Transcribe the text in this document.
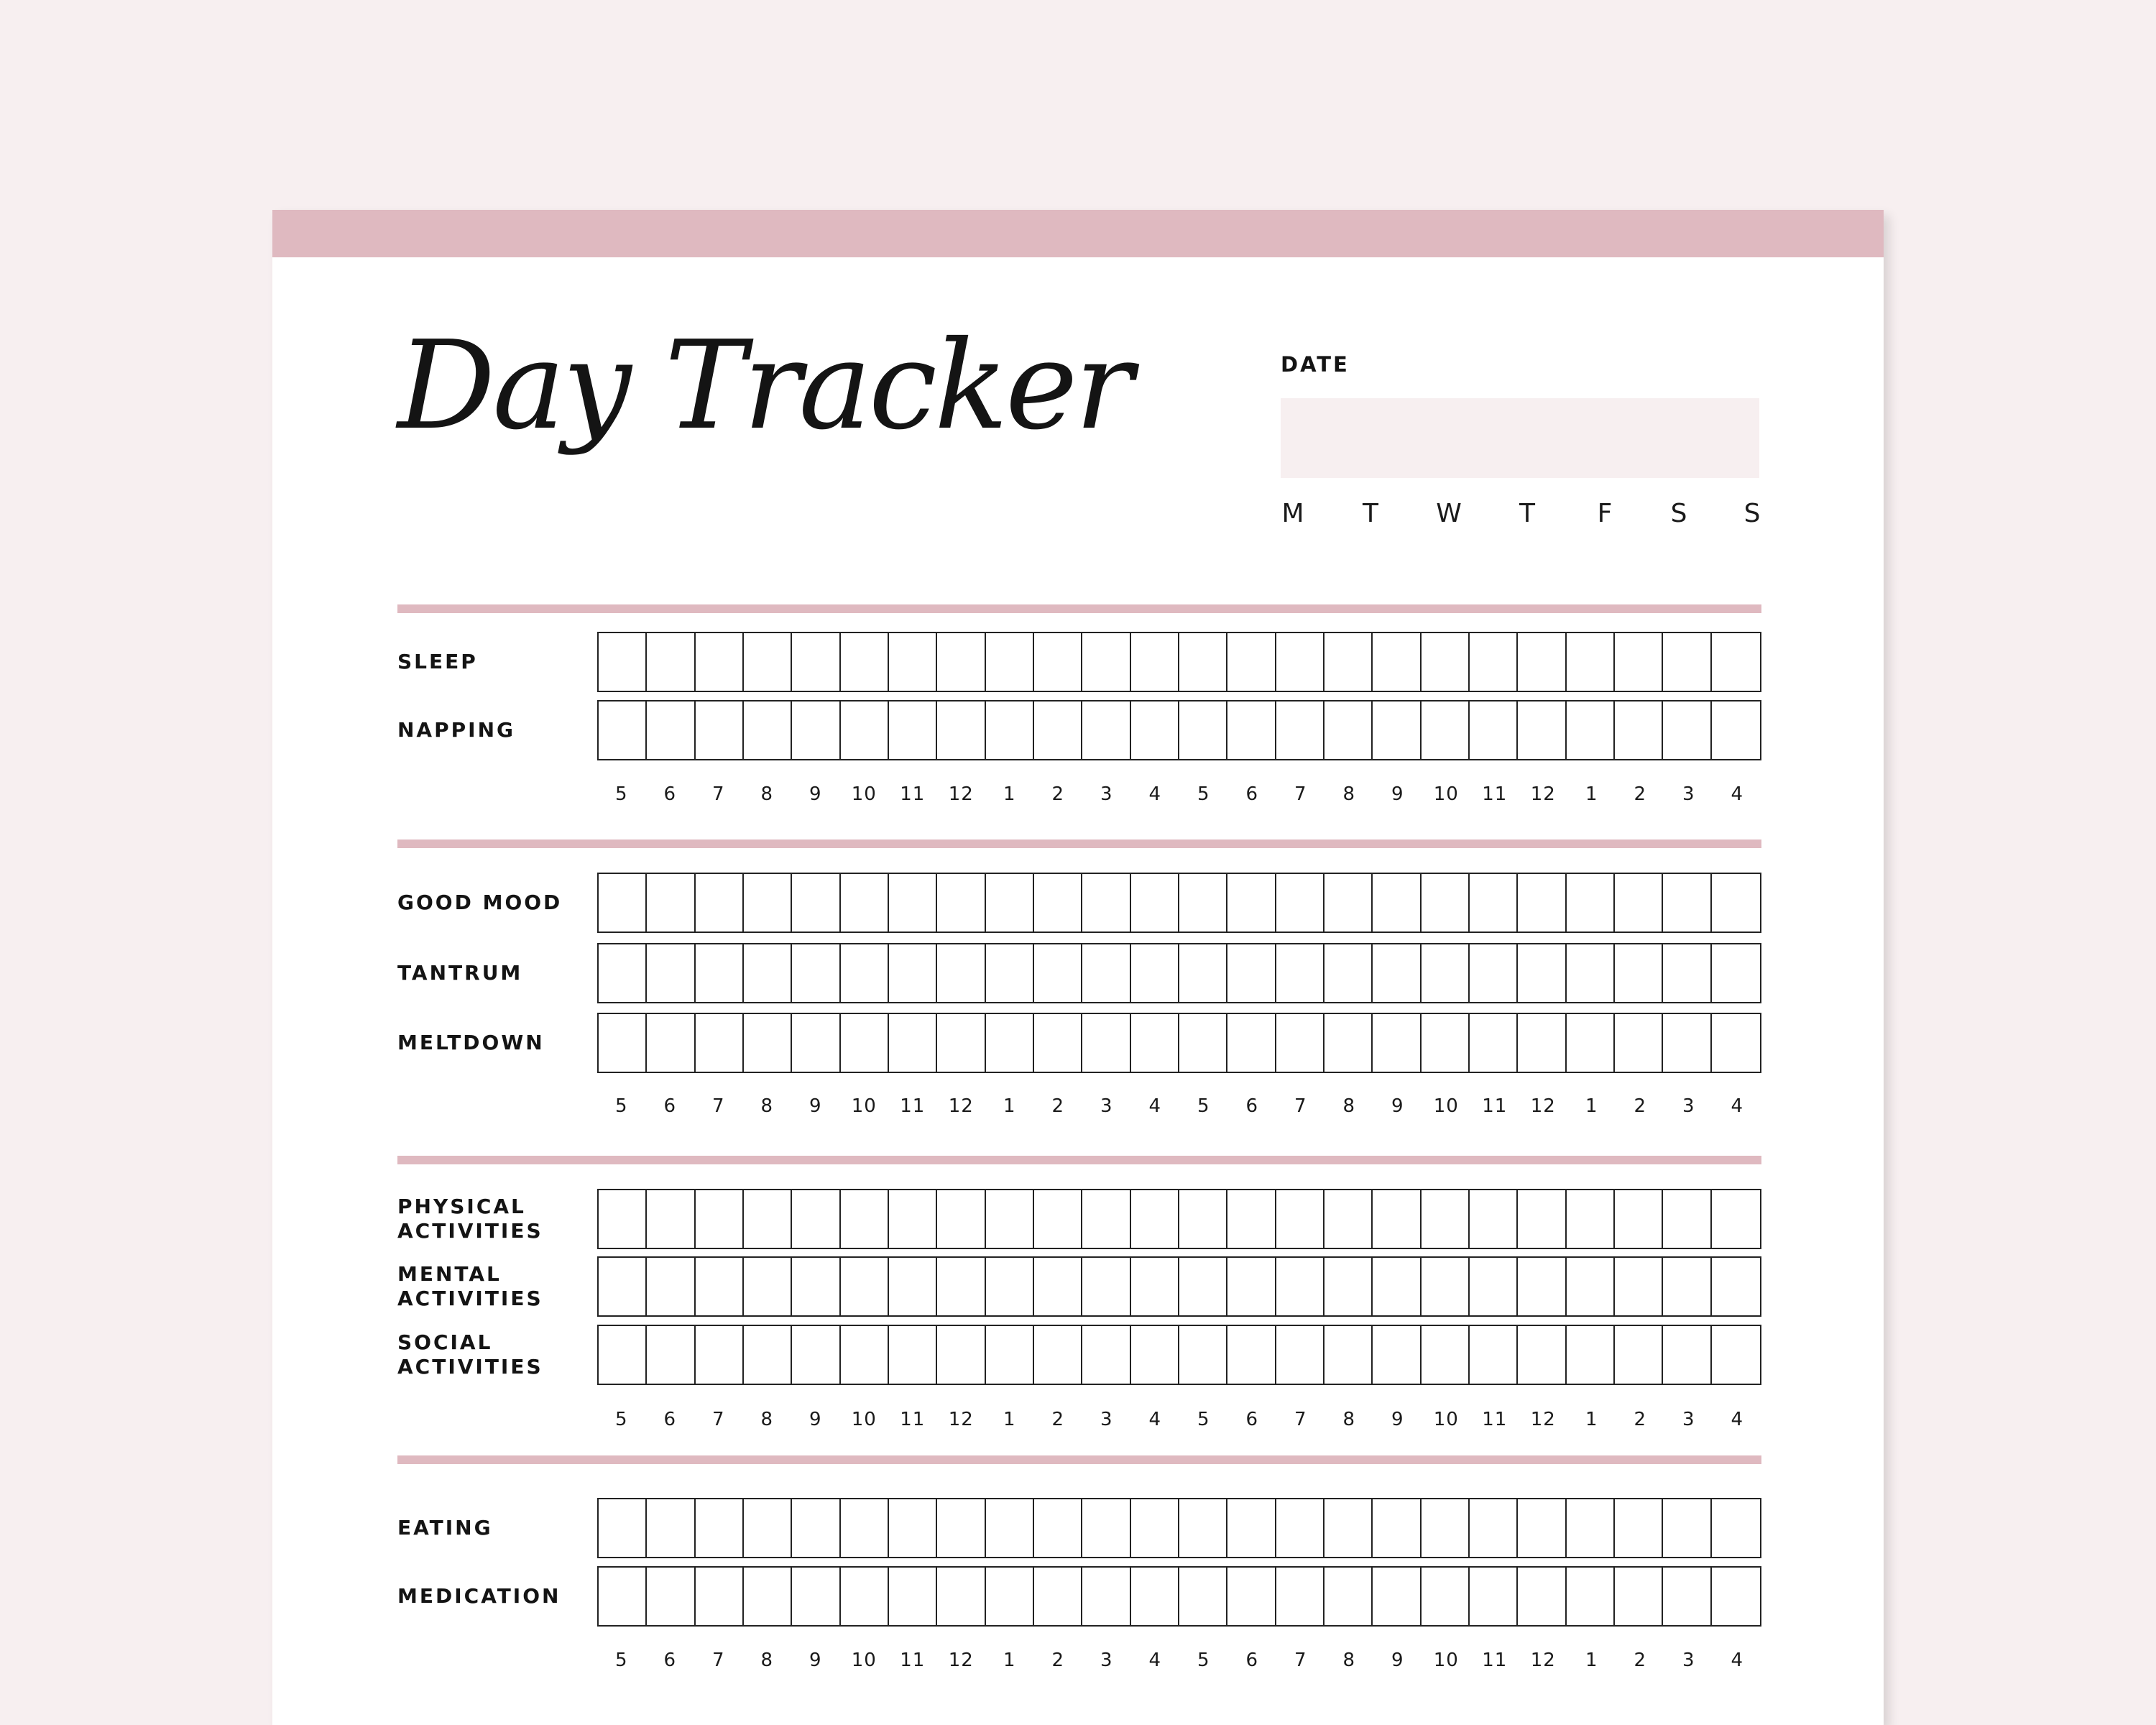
Day Tracker	DATE
M	T	W	T	F	S	S
SLEEP
NAPPING
5	6	7	8	9	10	11	12	1	2	3	4	5	6	7	8	9	10	11	12	1	2	3	4
GOOD MOOD
TANTRUM
MELTDOWN
5	6	7	8	9	10	11	12	1	2	3	4	5	6	7	8	9	10	11	12	1	2	3	4
PHYSICAL
ACTIVITIES
MENTAL
ACTIVITIES
SOCIAL
ACTIVITIES
5	6	7	8	9	10	11	12	1	2	3	4	5	6	7	8	9	10	11	12	1	2	3	4
EATING
MEDICATION
5	6	7	8	9	10	11	12	1	2	3	4	5	6	7	8	9	10	11	12	1	2	3	4
